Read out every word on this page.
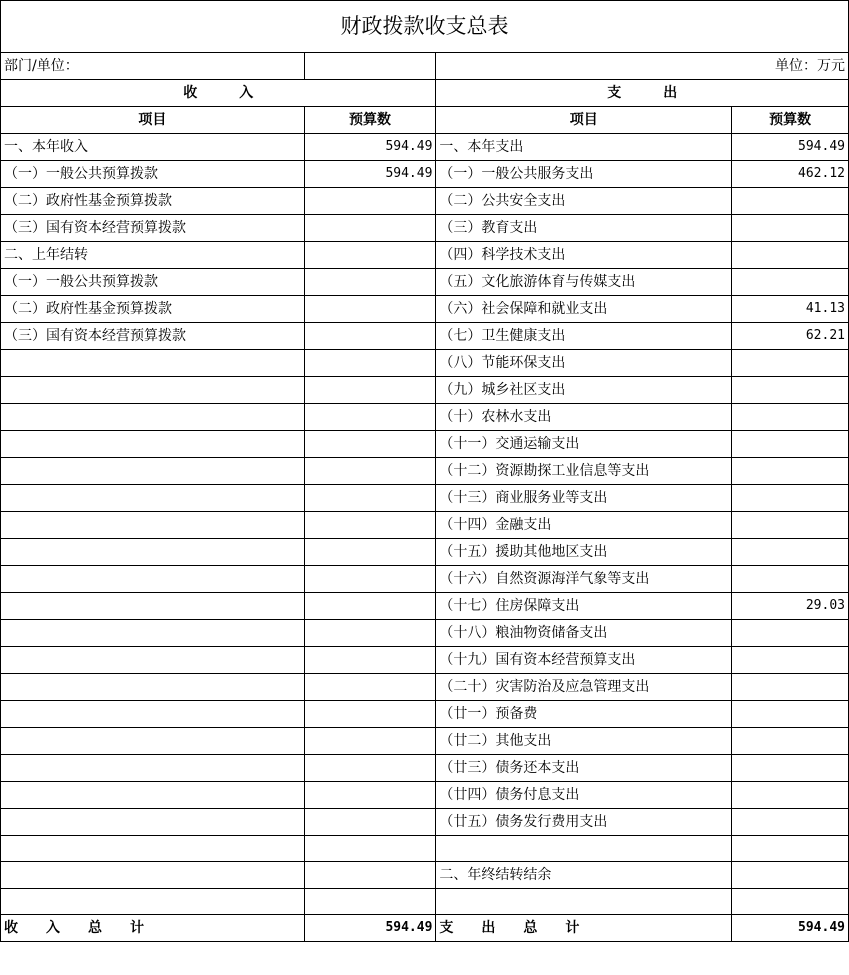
财政拨款收支总表			
部门/单位：		单位：万元	
收　　　入		支　　　出	
项目	预算数	项目	预算数
一、本年收入	594.49	一、本年支出	594.49
（一）一般公共预算拨款	594.49	（一）一般公共服务支出	462.12
（二）政府性基金预算拨款		（二）公共安全支出	
（三）国有资本经营预算拨款		（三）教育支出	
二、上年结转		（四）科学技术支出	
（一）一般公共预算拨款		（五）文化旅游体育与传媒支出	
（二）政府性基金预算拨款		（六）社会保障和就业支出	41.13
（三）国有资本经营预算拨款		（七）卫生健康支出	62.21
		（八）节能环保支出	
		（九）城乡社区支出	
		（十）农林水支出	
		（十一）交通运输支出	
		（十二）资源勘探工业信息等支出	
		（十三）商业服务业等支出	
		（十四）金融支出	
		（十五）援助其他地区支出	
		（十六）自然资源海洋气象等支出	
		（十七）住房保障支出	29.03
		（十八）粮油物资储备支出	
		（十九）国有资本经营预算支出	
		（二十）灾害防治及应急管理支出	
		（廿一）预备费	
		（廿二）其他支出	
		（廿三）债务还本支出	
		（廿四）债务付息支出	
		（廿五）债务发行费用支出	

		二、年终结转结余	

收　　入　　总　　计	594.49	支　　出　　总　　计	594.49
